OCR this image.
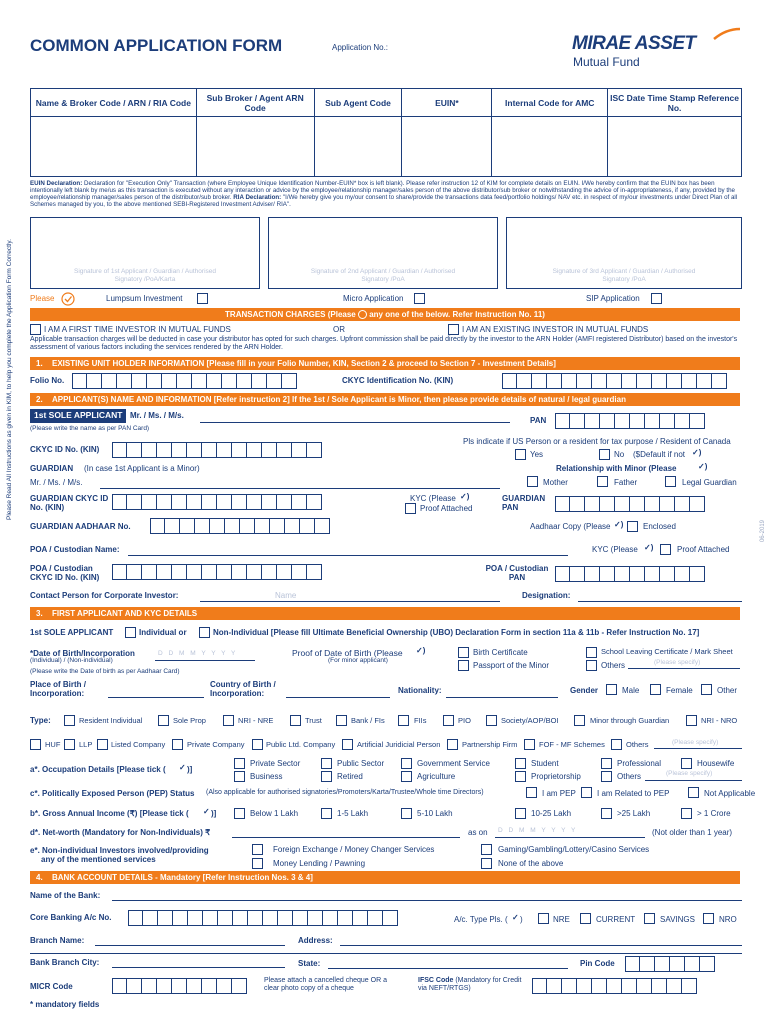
Please Read All Instructions as given in KIM, to help you complete the Application Form Correctly.
06-2019
COMMON APPLICATION FORM	Application No.:	MIRAE ASSET
Mutual Fund
Name & Broker Code / ARN / RIA Code	Sub Broker / Agent ARN Code	Sub Agent Code	EUIN*	Internal Code for AMC	ISC Date Time Stamp Reference No.

EUIN Declaration: Declaration for "Execution Only" Transaction (where Employee Unique Identification Number-EUIN* box is left blank). Please refer instruction 12 of KIM for complete details on EUIN. I/We hereby confirm that the EUIN box has been intentionally left blank by me/us as this transaction is executed without any interaction or advice by the employee/relationship manager/sales person of the above distributor/sub broker or notwithstanding the advice of in-appropriateness, if any, provided by the employee/relationship manager/sales person of the distributor/sub broker. RIA Declaration: "I/We hereby give you my/our consent to share/provide the transactions data feed/portfolio holdings/ NAV etc. in respect of my/our investments under Direct Plan of all Schemes managed by you, to the above mentioned SEBI-Registered Investment Adviser/ RIA".
Signature of 1st Applicant / Guardian / Authorised Signatory /PoA/Karta
Signature of 2nd Applicant / Guardian / Authorised Signatory /PoA
Signature of 3rd Applicant / Guardian / Authorised Signatory /PoA
Please	Lumpsum Investment	Micro Application	SIP Application
TRANSACTION CHARGES (Please any one of the below. Refer Instruction No. 11)
I AM A FIRST TIME INVESTOR IN MUTUAL FUNDS	OR	I AM AN EXISTING INVESTOR IN MUTUAL FUNDS
Applicable transaction charges will be deducted in case your distributor has opted for such charges. Upfront commission shall be paid directly by the investor to the ARN Holder (AMFI registered Distributor) based on the investor's assessment of various factors including the services rendered by the ARN Holder.
1. EXISTING UNIT HOLDER INFORMATION [Please fill in your Folio Number, KIN, Section 2 & proceed to Section 7 - Investment Details]
Folio No.	CKYC Identification No. (KIN)
2. APPLICANT(S) NAME AND INFORMATION [Refer instruction 2] If the 1st / Sole Applicant is Minor, then please provide details of natural / legal guardian
1st SOLE APPLICANT Mr. / Ms. / M/s.
(Please write the name as per PAN Card)
PAN
Pls indicate if US Person or a resident for tax purpose / Resident of Canada
CKYC ID No. (KIN)
Yes	No ($Default if not ✓)
GUARDIAN (In case 1st Applicant is a Minor)	Relationship with Minor (Please	✓)
Mr. / Ms. / M/s.	Mother	Father	Legal Guardian
GUARDIAN CKYC ID No. (KIN)
KYC (Please ✓)
Proof Attached
GUARDIAN PAN
GUARDIAN AADHAAR No.	Aadhaar Copy (Please ✓) Enclosed
POA / Custodian Name:	KYC (Please ✓)	Proof Attached
POA / Custodian CKYC ID No. (KIN)
POA / Custodian PAN
Contact Person for Corporate Investor:	Name	Designation:
3. FIRST APPLICANT AND KYC DETAILS
1st SOLE APPLICANT	Individual or	Non-Individual [Please fill Ultimate Beneficial Ownership (UBO) Declaration Form in section 11a & 11b - Refer Instruction No. 17]
*Date of Birth/Incorporation
(Individual) / (Non-individual)
D D M M Y Y Y Y
(Please write the Date of birth as per Aadhaar Card)
Proof of Date of Birth (Please ✓)
(For minor applicant)
Birth Certificate
Passport of the Minor
School Leaving Certificate / Mark Sheet
Others	(Please specify)
Place of Birth / Incorporation:
Country of Birth / Incorporation:	Nationality:	Gender	Male	Female	Other
Type:	Resident Individual	Sole Prop	NRI - NRE	Trust	Bank / FIs	FIIs	PIO	Society/AOP/BOI	Minor through Guardian	NRI - NRO
HUF LLP Listed Company	Private Company	Public Ltd. Company	Artificial Juridicial Person	Partnership Firm	FOF - MF Schemes	Others	(Please specify)
a*. Occupation Details [Please tick ( ✓ )]
Private Sector	Public Sector	Government Service	Student	Professional	Housewife
Business	Retired	Agriculture	Proprietorship	Others	(Please specify)
c*. Politically Exposed Person (PEP) Status (Also applicable for authorised signatories/Promoters/Karta/Trustee/Whole time Directors)	I am PEP	I am Related to PEP	Not Applicable
b*. Gross Annual Income (₹) [Please tick ( ✓ )]	Below 1 Lakh	1-5 Lakh	5-10 Lakh	10-25 Lakh	>25 Lakh	> 1 Crore
d*. Net-worth (Mandatory for Non-Individuals) ₹	as on D D M M Y Y Y Y	(Not older than 1 year)
e*. Non-individual Investors involved/providing
any of the mentioned services
Foreign Exchange / Money Changer Services	Gaming/Gambling/Lottery/Casino Services
Money Lending / Pawning	None of the above
4. BANK ACCOUNT DETAILS - Mandatory [Refer Instruction Nos. 3 & 4]
Name of the Bank:
Core Banking A/c No.	A/c. Type Pls. ( ✓ )	NRE	CURRENT	SAVINGS	NRO
Branch Name:	Address:
Bank Branch City:	State:	Pin Code
MICR Code
Please attach a cancelled cheque OR a clear photo copy of a cheque
IFSC Code (Mandatory for Credit via NEFT/RTGS)
* mandatory fields
